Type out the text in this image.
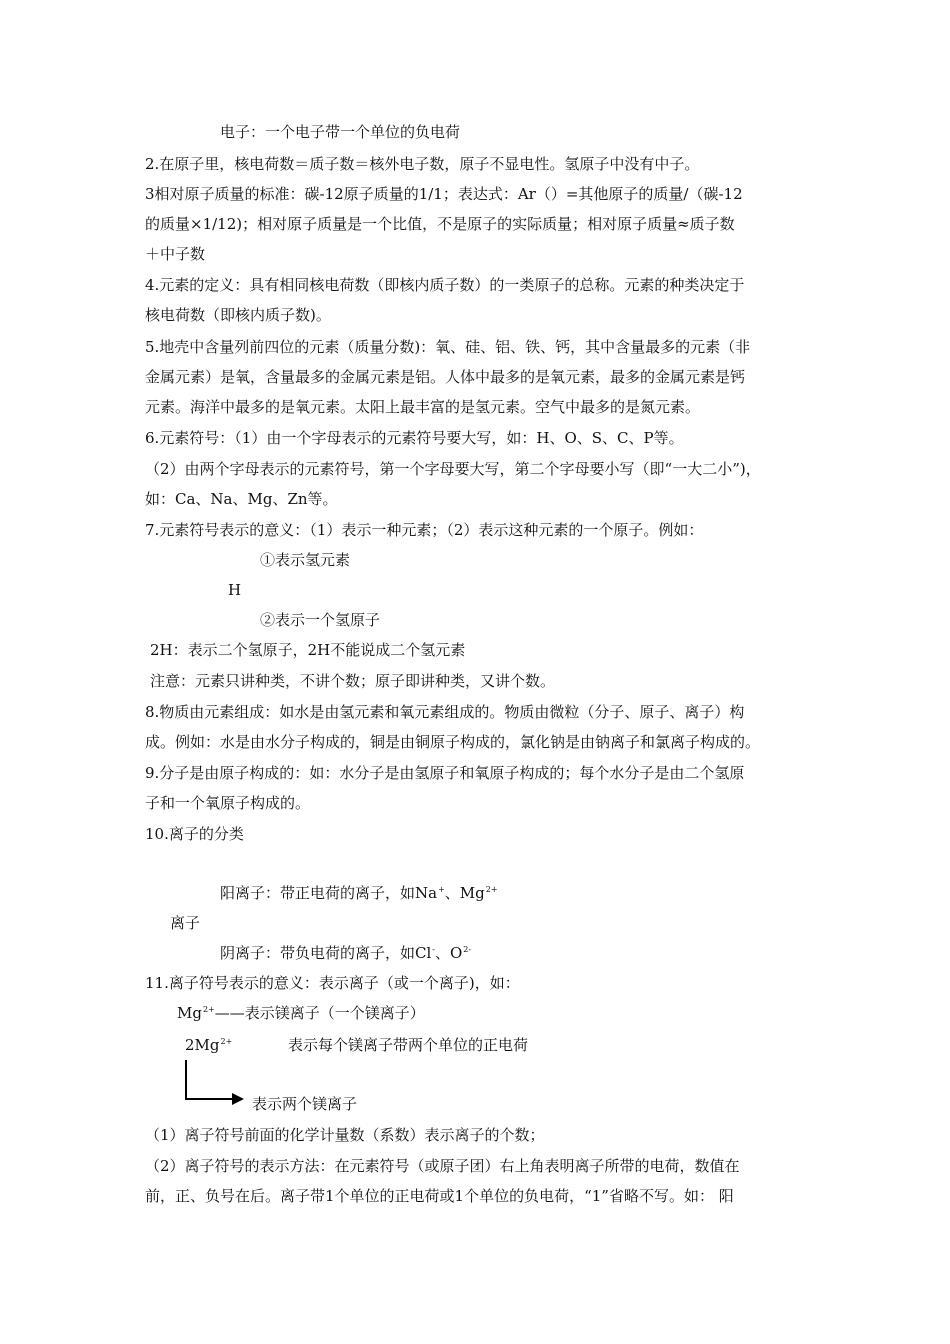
电子：一个电子带一个单位的负电荷
2.在原子里，核电荷数＝质子数＝核外电子数，原子不显电性。氢原子中没有中子。
3相对原子质量的标准：碳-12原子质量的1/1；表达式：Ar（）=其他原子的质量/（碳-12
的质量×1/12)；相对原子质量是一个比值，不是原子的实际质量；相对原子质量≈质子数
＋中子数
4.元素的定义：具有相同核电荷数（即核内质子数）的一类原子的总称。元素的种类决定于
核电荷数（即核内质子数)。
5.地壳中含量列前四位的元素（质量分数)：氧、硅、铝、铁、钙，其中含量最多的元素（非
金属元素）是氧，含量最多的金属元素是铝。人体中最多的是氧元素，最多的金属元素是钙
元素。海洋中最多的是氧元素。太阳上最丰富的是氢元素。空气中最多的是氮元素。
6.元素符号：（1）由一个字母表示的元素符号要大写，如：H、O、S、C、P等。
（2）由两个字母表示的元素符号，第一个字母要大写，第二个字母要小写（即“一大二小”)，
如：Ca、Na、Mg、Zn等。
7.元素符号表示的意义：（1）表示一种元素；（2）表示这种元素的一个原子。例如：
①表示氢元素
H
②表示一个氢原子
2H：表示二个氢原子，2H不能说成二个氢元素
注意：元素只讲种类，不讲个数；原子即讲种类，又讲个数。
8.物质由元素组成：如水是由氢元素和氧元素组成的。物质由微粒（分子、原子、离子）构
成。例如：水是由水分子构成的，铜是由铜原子构成的，氯化钠是由钠离子和氯离子构成的。
9.分子是由原子构成的：如：水分子是由氢原子和氧原子构成的；每个水分子是由二个氢原
子和一个氧原子构成的。
10.离子的分类
阳离子：带正电荷的离子，如Na+、$Mg^{2+}$
离子
阴离子：带负电荷的离子，如Cl-、$O^{2-}$
11.离子符号表示的意义：表示离子（或一个离子)，如：
$Mg^{2+}——$表示镁离子（一个镁离子）
$2Mg^{2+}$	表示每个镁离子带两个单位的正电荷
表示两个镁离子
（1）离子符号前面的化学计量数（系数）表示离子的个数；
（2）离子符号的表示方法：在元素符号（或原子团）右上角表明离子所带的电荷，数值在
前，正、负号在后。离子带1个单位的正电荷或1个单位的负电荷，“1”省略不写。如： 阳
